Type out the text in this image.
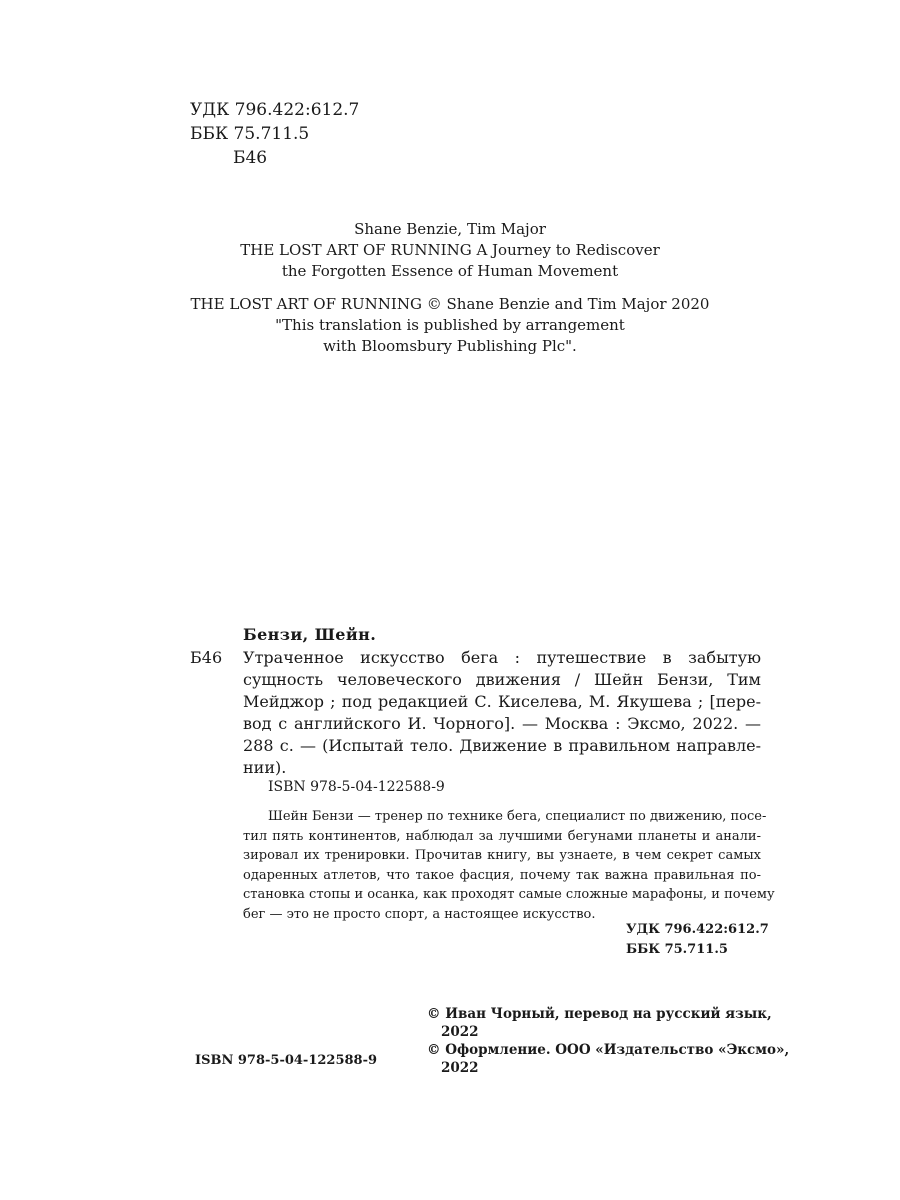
УДК 796.422:612.7
ББК 75.711.5
Б46
Shane Benzie, Tim Major
THE LOST ART OF RUNNING A Journey to Rediscover
the Forgotten Essence of Human Movement
THE LOST ART OF RUNNING © Shane Benzie and Tim Major 2020
"This translation is published by arrangement
with Bloomsbury Publishing Plc".
Бензи, Шейн.
Б46 Утраченное искусство бега : путешествие в забытую
сущность человеческого движения / Шейн Бензи, Тим
Мейджор ; под редакцией С. Киселева, М. Якушева ; [пере-
вод с английского И. Чорного]. — Москва : Эксмо, 2022. —
288 с. — (Испытай тело. Движение в правильном направле-
нии).
ISBN 978-5-04-122588-9
Шейн Бензи — тренер по технике бега, специалист по движению, посе-
тил пять континентов, наблюдал за лучшими бегунами планеты и анали-
зировал их тренировки. Прочитав книгу, вы узнаете, в чем секрет самых
одаренных атлетов, что такое фасция, почему так важна правильная по-
становка стопы и осанка, как проходят самые сложные марафоны, и почему
бег — это не просто спорт, а настоящее искусство.
УДК 796.422:612.7
ББК 75.711.5
© Иван Чорный, перевод на русский язык,
2022
© Оформление. ООО «Издательство «Эксмо»,
2022
ISBN 978-5-04-122588-9
